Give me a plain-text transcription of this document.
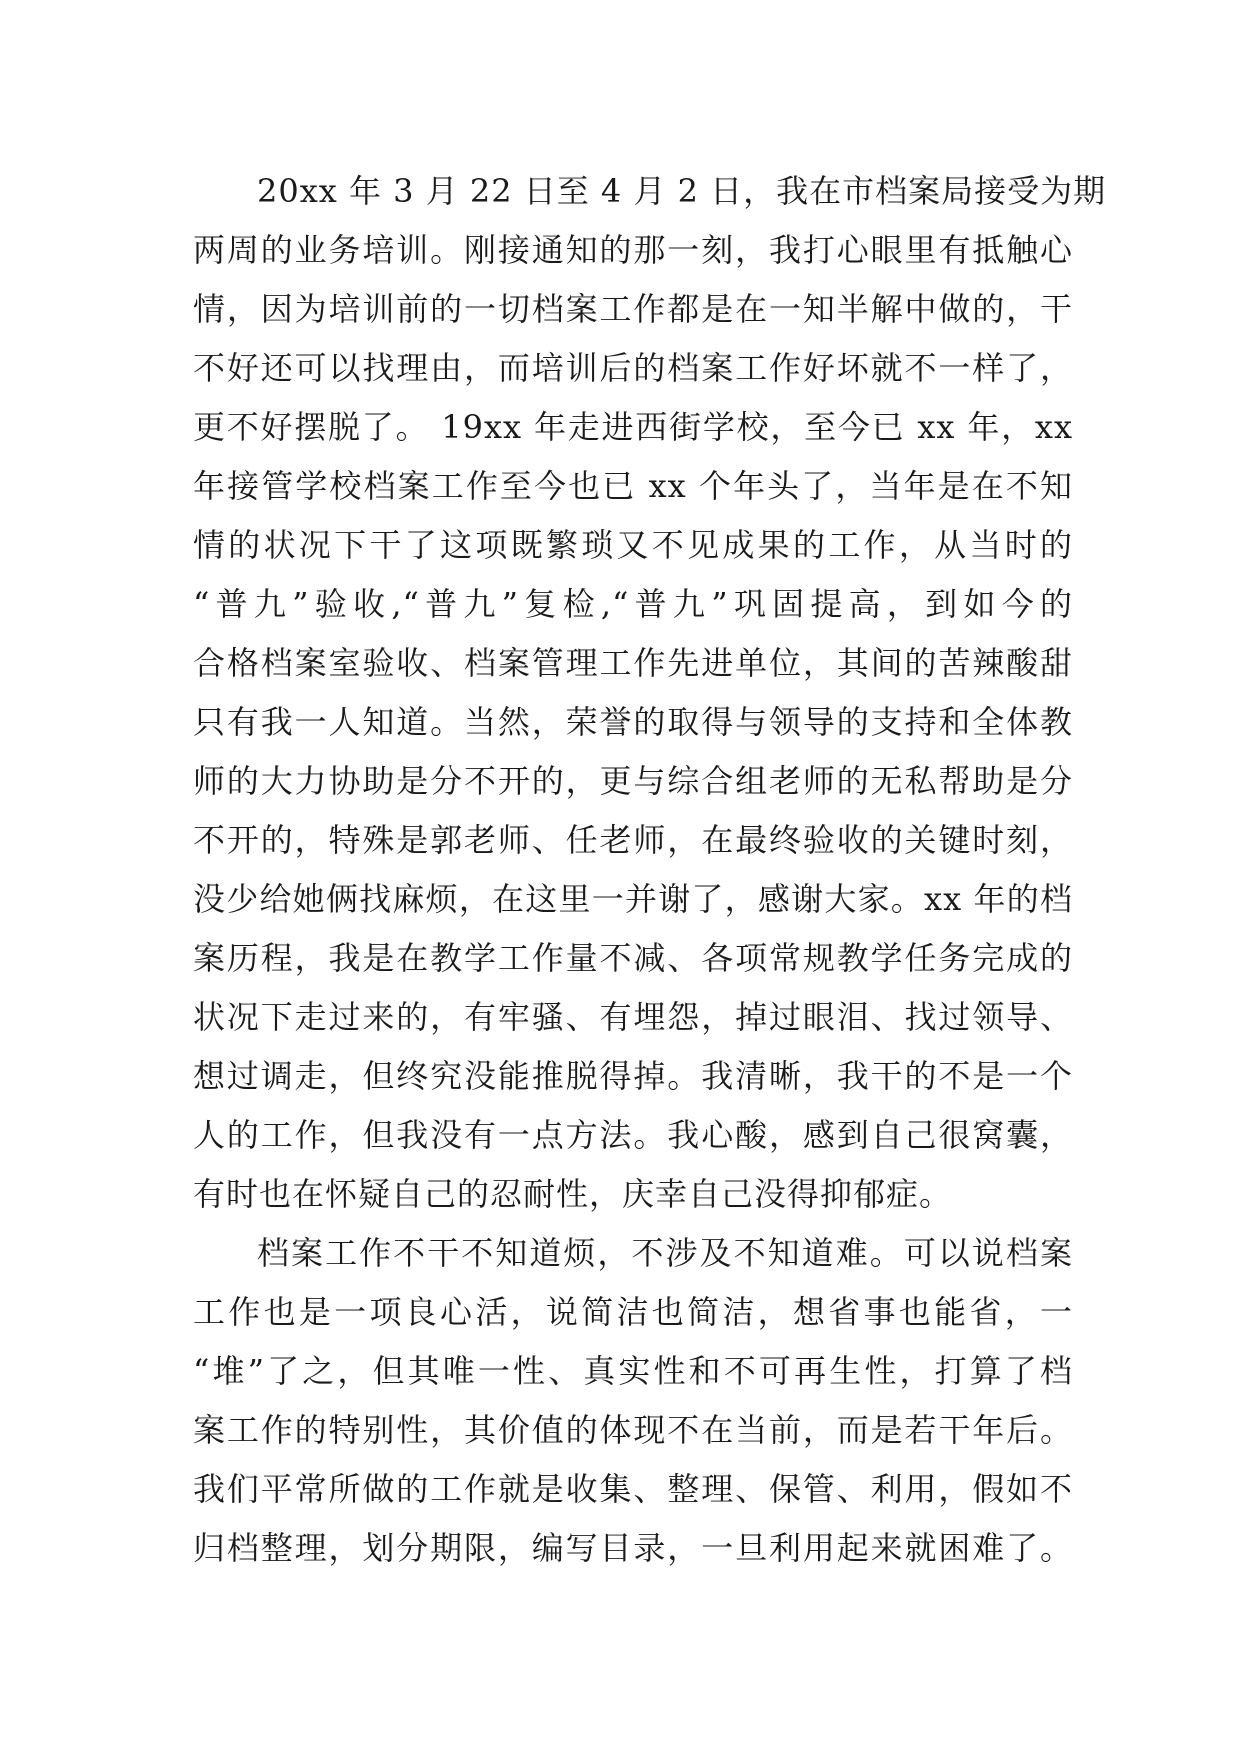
20xx 年 3 月 22 日至 4 月 2 日，我在市档案局接受为期
两周的业务培训。刚接通知的那一刻，我打心眼里有抵触心
情，因为培训前的一切档案工作都是在一知半解中做的，干
不好还可以找理由，而培训后的档案工作好坏就不一样了，
更不好摆脱了。 19xx 年走进西街学校，至今已 xx 年，xx
年接管学校档案工作至今也已 xx 个年头了，当年是在不知
情的状况下干了这项既繁琐又不见成果的工作，从当时的
“普九”验收,“普九”复检,“普九”巩固提高，到如今的
合格档案室验收、档案管理工作先进单位，其间的苦辣酸甜
只有我一人知道。当然，荣誉的取得与领导的支持和全体教
师的大力协助是分不开的，更与综合组老师的无私帮助是分
不开的，特殊是郭老师、任老师，在最终验收的关键时刻，
没少给她俩找麻烦，在这里一并谢了，感谢大家。xx 年的档
案历程，我是在教学工作量不减、各项常规教学任务完成的
状况下走过来的，有牢骚、有埋怨，掉过眼泪、找过领导、
想过调走，但终究没能推脱得掉。我清晰，我干的不是一个
人的工作，但我没有一点方法。我心酸，感到自己很窝囊，
有时也在怀疑自己的忍耐性，庆幸自己没得抑郁症。
档案工作不干不知道烦，不涉及不知道难。可以说档案
工作也是一项良心活，说简洁也简洁，想省事也能省，一
“堆”了之，但其唯一性、真实性和不可再生性，打算了档
案工作的特别性，其价值的体现不在当前，而是若干年后。
我们平常所做的工作就是收集、整理、保管、利用，假如不
归档整理，划分期限，编写目录，一旦利用起来就困难了。
